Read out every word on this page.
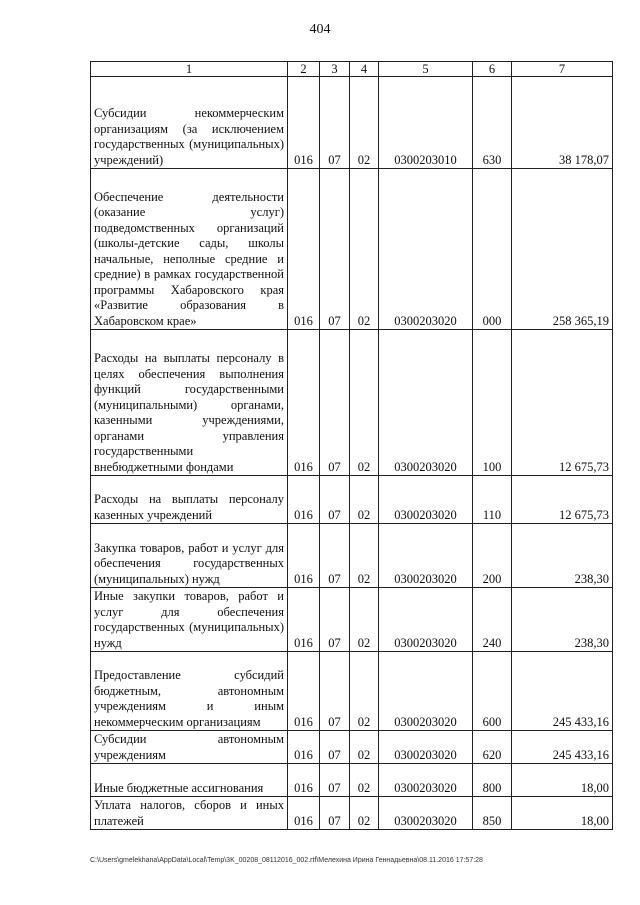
404
1	2	3	4	5	6	7
Субсидии некоммерческим организациям (за исключением государственных (муниципальных) учреждений)	016	07	02	0300203010	630	38 178,07
Обеспечение деятельности (оказание услуг) подведомственных организаций (школы-детские сады, школы начальные, неполные средние и средние) в рамках государственной программы Хабаровского края «Развитие образования в Хабаровском крае»	016	07	02	0300203020	000	258 365,19
Расходы на выплаты персоналу в целях обеспечения выполнения функций государственными (муниципальными) органами, казенными учреждениями, органами управления государственными внебюджетными фондами	016	07	02	0300203020	100	12 675,73
Расходы на выплаты персоналу казенных учреждений	016	07	02	0300203020	110	12 675,73
Закупка товаров, работ и услуг для обеспечения государственных (муниципальных) нужд	016	07	02	0300203020	200	238,30
Иные закупки товаров, работ и услуг для обеспечения государственных (муниципальных) нужд	016	07	02	0300203020	240	238,30
Предоставление субсидий бюджетным, автономным учреждениям и иным некоммерческим организациям	016	07	02	0300203020	600	245 433,16
Субсидии автономным учреждениям	016	07	02	0300203020	620	245 433,16
Иные бюджетные ассигнования	016	07	02	0300203020	800	18,00
Уплата налогов, сборов и иных платежей	016	07	02	0300203020	850	18,00
C:\Users\gmelekhana\AppData\Local\Temp\3K_00208_08112016_002.rtf\Мелехина Ирина Геннадьевна\08.11.2016 17:57:28
